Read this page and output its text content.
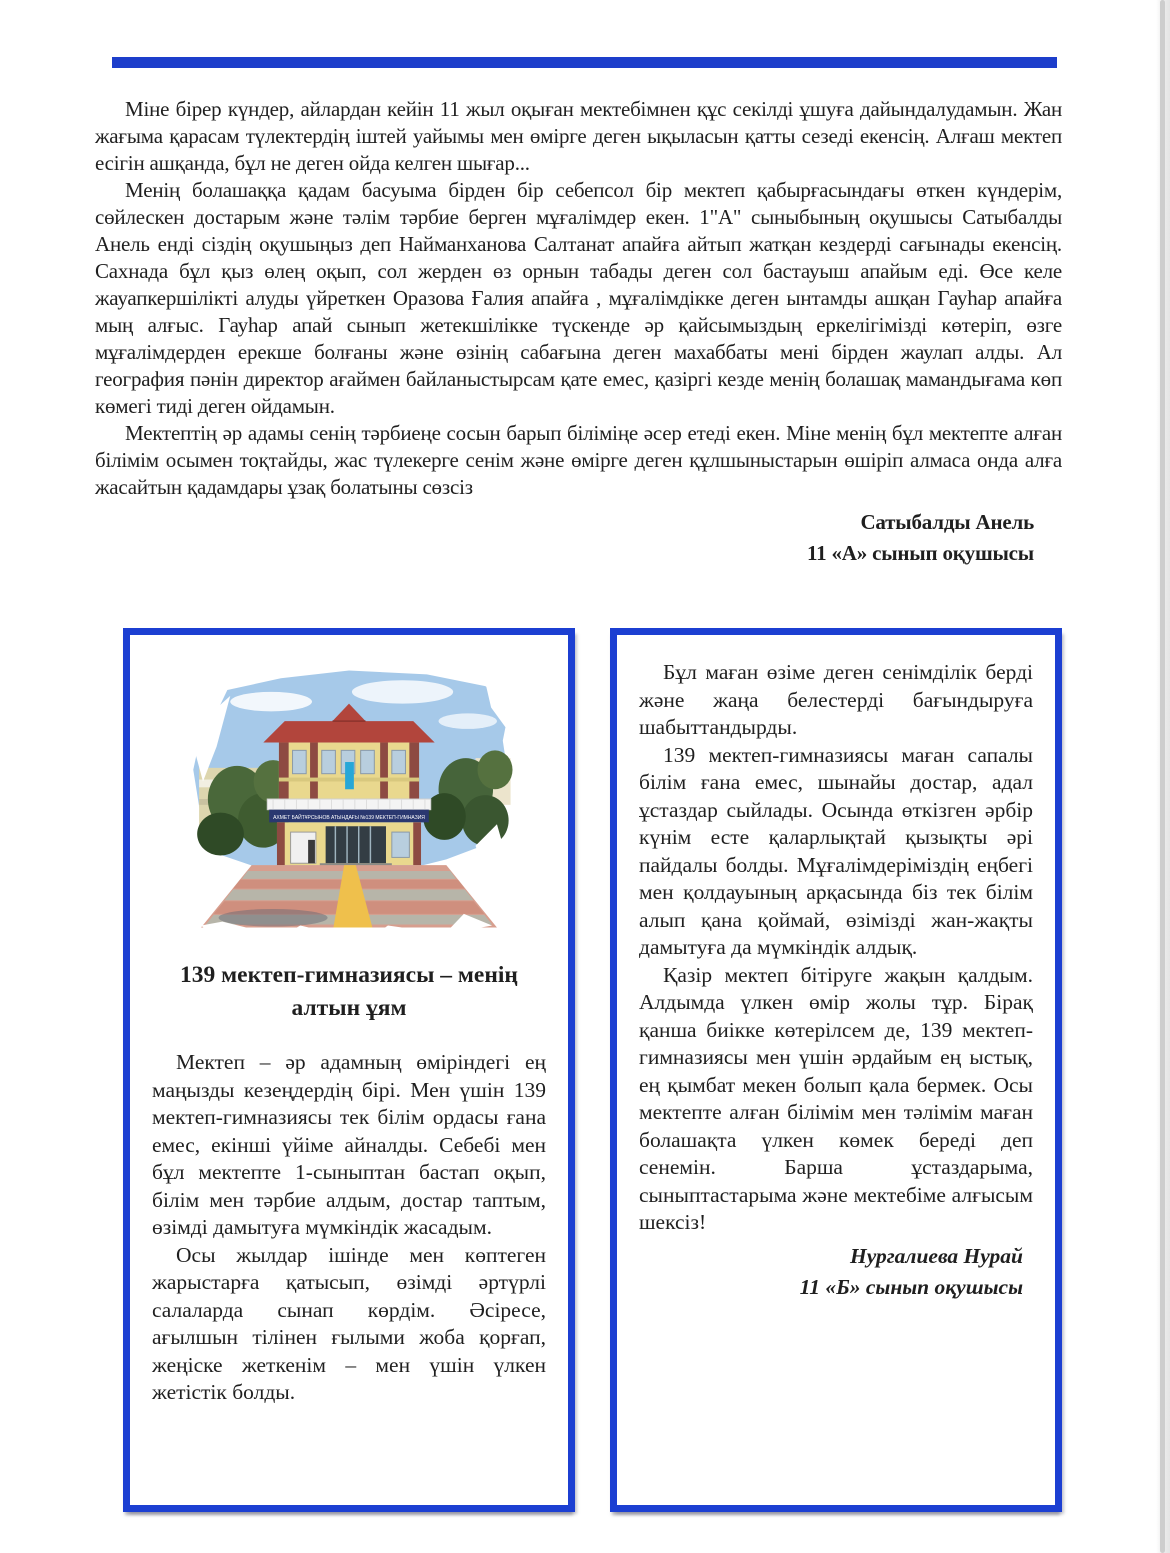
Міне бірер күндер, айлардан кейін 11 жыл оқыған мектебімнен құс секілді ұшуға дайындалудамын. Жан жағыма қарасам түлектердің іштей уайымы мен өмірге деген ықыласын қатты сезеді екенсің. Алғаш мектеп есігін ашқанда, бұл не деген ойда келген шығар...

Менің болашаққа қадам басуыма бірден бір себепсол бір мектеп қабырғасындағы өткен күндерім, сөйлескен достарым және тәлім тәрбие берген мұғалімдер екен. 1"А" сыныбының оқушысы Сатыбалды Анель енді сіздің оқушыңыз деп Найманханова Салтанат апайға айтып жатқан кездерді сағынады екенсің. Сахнада бұл қыз өлең оқып, сол жерден өз орнын табады деген сол бастауыш апайым еді. Өсе келе жауапкершілікті алуды үйреткен Оразова Ғалия апайға , мұғалімдікке деген ынтамды ашқан Гауһар апайға мың алғыс. Гауһар апай сынып жетекшілікке түскенде әр қайсымыздың еркелігімізді көтеріп, өзге мұғалімдерден ерекше болғаны және өзінің сабағына деген махаббаты мені бірден жаулап алды. Ал география пәнін директор ағаймен байланыстырсам қате емес, қазіргі кезде менің болашақ мамандығама көп көмегі тиді деген ойдамын.

Мектептің әр адамы сенің тәрбиеңе сосын барып біліміңе әсер етеді екен. Міне менің бұл мектепте алған білімім осымен тоқтайды, жас түлекерге сенім және өмірге деген құлшыныстарын өшіріп алмаса онда алға жасайтын қадамдары ұзақ болатыны сөзсіз

Сатыбалды Анель
11 «А» сынып оқушысы
АХМЕТ БАЙТҰРСЫНОВ АТЫНДАҒЫ №139 МЕКТЕП-ГИМНАЗИЯ
139 мектеп-гимназиясы – менің алтын ұям

Мектеп – әр адамның өміріндегі ең маңызды кезеңдердің бірі. Мен үшін 139 мектеп-гимназиясы тек білім ордасы ғана емес, екінші үйіме айналды. Себебі мен бұл мектепте 1-сыныптан бастап оқып, білім мен тәрбие алдым, достар таптым, өзімді дамытуға мүмкіндік жасадым.

Осы жылдар ішінде мен көптеген жарыстарға қатысып, өзімді әртүрлі салаларда сынап көрдім. Әсіресе, ағылшын тілінен ғылыми жоба қорғап, жеңіске жеткенім – мен үшін үлкен жетістік болды.

Бұл маған өзіме деген сенімділік берді және жаңа белестерді бағындыруға шабыттандырды.

139 мектеп-гимназиясы маған сапалы білім ғана емес, шынайы достар, адал ұстаздар сыйлады. Осында өткізген әрбір күнім есте қаларлықтай қызықты әрі пайдалы болды. Мұғалімдеріміздің еңбегі мен қолдауының арқасында біз тек білім алып қана қоймай, өзімізді жан-жақты дамытуға да мүмкіндік алдық.

Қазір мектеп бітіруге жақын қалдым. Алдымда үлкен өмір жолы тұр. Бірақ қанша биікке көтерілсем де, 139 мектеп-гимназиясы мен үшін әрдайым ең ыстық, ең қымбат мекен болып қала бермек. Осы мектепте алған білімім мен тәлімім маған болашақта үлкен көмек береді деп сенемін. Барша ұстаздарыма, сыныптастарыма және мектебіме алғысым шексіз!

Нургалиева Нурай
11 «Б» сынып оқушысы
